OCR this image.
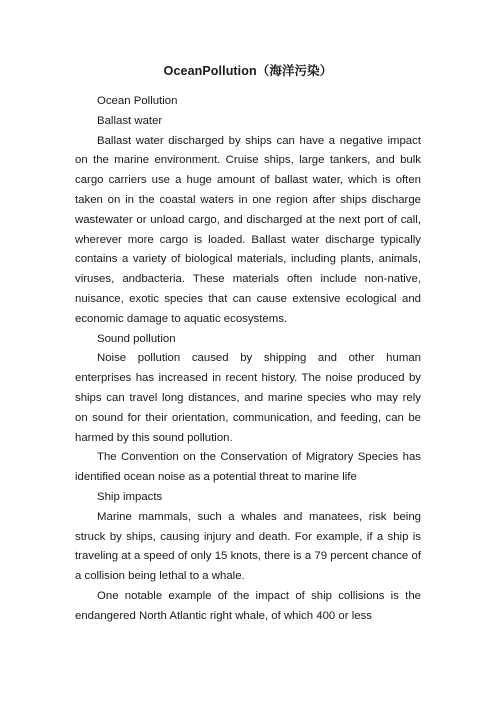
OceanPollution（海洋污染）

Ocean Pollution

Ballast water

Ballast water discharged by ships can have a negative impact on the marine environment. Cruise ships, large tankers, and bulk cargo carriers use a huge amount of ballast water, which is often taken on in the coastal waters in one region after ships discharge wastewater or unload cargo, and discharged at the next port of call, wherever more cargo is loaded. Ballast water discharge typically contains a variety of biological materials, including plants, animals, viruses, andbacteria. These materials often include non-native, nuisance, exotic species that can cause extensive ecological and economic damage to aquatic ecosystems.

Sound pollution

Noise pollution caused by shipping and other human enterprises has increased in recent history. The noise produced by ships can travel long distances, and marine species who may rely on sound for their orientation, communication, and feeding, can be harmed by this sound pollution.

The Convention on the Conservation of Migratory Species has identified ocean noise as a potential threat to marine life

Ship impacts

Marine mammals, such a whales and manatees, risk being struck by ships, causing injury and death. For example, if a ship is traveling at a speed of only 15 knots, there is a 79 percent chance of a collision being lethal to a whale.

One notable example of the impact of ship collisions is the endangered North Atlantic right whale, of which 400 or less
